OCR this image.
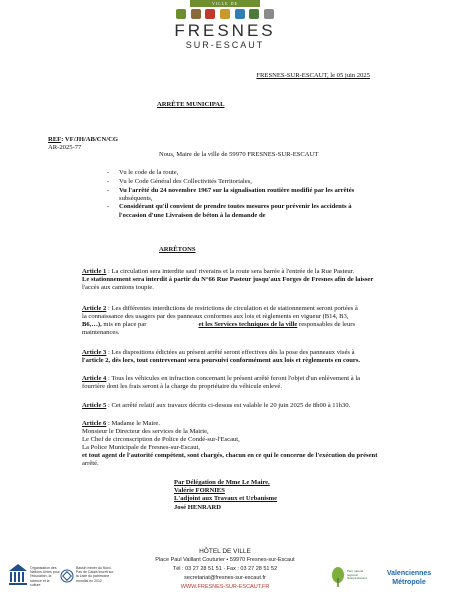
VILLE DE
FRESNES
SUR-ESCAUT
FRESNES-SUR-ESCAUT, le 05 juin 2025
ARRÊTE MUNICIPAL
REF: VF/JH/AB/CN/CG
AR-2025-77
Nous, Maire de la ville de 59970 FRESNES-SUR-ESCAUT
- Vu le code de la route,
- Vu le Code Général des Collectivités Territoriales,
- Vu l'arrêté du 24 novembre 1967 sur la signalisation routière modifié par les arrêtés
subséquents,
- Considérant qu'il convient de prendre toutes mesures pour prévenir les accidents à
l'occasion d'une Livraison de béton à la demande de
ARRÊTONS
Article 1 : La circulation sera interdite sauf riverains et la route sera barrée à l'entrée de la Rue Pasteur.
Le stationnement sera interdit à partir du N°66 Rue Pasteur jusqu'aux Forges de Fresnes afin de laisser
l'accès aux camions toupie.
Article 2 : Les différentes interdictions de restrictions de circulation et de stationnement seront portées à
la connaissance des usagers par des panneaux conformes aux lois et règlements en vigueur (B14, B3,
B6,…), mis en place par	et les Services techniques de la ville responsables de leurs
maintenances.
Article 3 : Les dispositions édictées au présent arrêté seront effectives dès la pose des panneaux visés à
l'article 2, dès lors, tout contrevenant sera poursuivi conformément aux lois et règlements en cours.
Article 4 : Tous les véhicules en infraction concernant le présent arrêté feront l'objet d'un enlèvement à la
fourrière dont les frais seront à la charge du propriétaire du véhicule enlevé.
Article 5 : Cet arrêté relatif aux travaux décrits ci-dessus est valable le 20 juin 2025 de 8h00 à 11h30.
Article 6 : Madame le Maire.
Monsieur le Directeur des services de la Mairie,
Le Chef de circonscription de Police de Condé-sur-l'Escaut,
La Police Municipale de Fresnes-sur-Escaut,
et tout agent de l'autorité compétent, sont chargés, chacun en ce qui le concerne de l'exécution du présent
arrêté.
Par Délégation de Mme Le Maire,
Valérie FORNIES
L'adjoint aux Travaux et Urbanisme
José HENRARD
HÔTEL DE VILLE
Place Paul Vaillant Couturier • 59970 Fresnes-sur-Escaut
Tél : 03 27 28 51 51 · Fax : 03 27 28 51 52
secretariat@fresnes-sur-escaut.fr
WWW.FRESNES-SUR-ESCAUT.FR
Organisation des Nations Unies pour l'éducation, la science et la culture
Bassin minier du Nord-Pas de Calais inscrit sur la Liste du patrimoine mondial en 2012
Parc naturel régional Scarpe-Escaut
Valenciennes
Métropole
